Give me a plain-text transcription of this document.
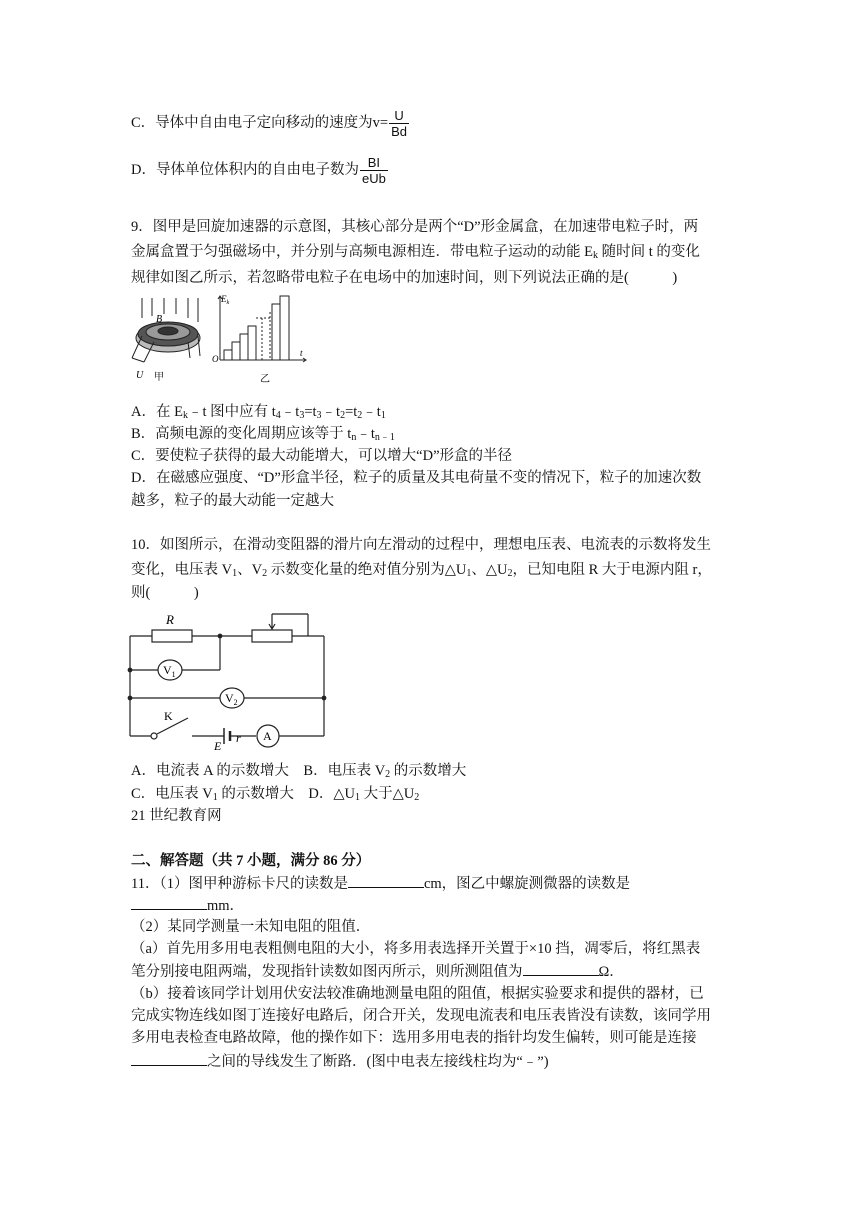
C．导体中自由电子定向移动的速度为$v= \frac{U}{Bd}$
D．导体单位体积内的自由电子数为 $\frac{BI}{\text{eUb}}$
9．图甲是回旋加速器的示意图，其核心部分是两个“D”形金属盒，在加速带电粒子时，两
金属盒置于匀强磁场中，并分别与高频电源相连．带电粒子运动的动能 $E_k$ 随时间 t 的变化
规律如图乙所示，若忽略带电粒子在电场中的加速时间，则下列说法正确的是(　　　)
B
U 甲
$E_k$
t
O
乙
A．在 $E_k﹣t$ 图中应有 $t_4﹣t_3=t_3﹣t_2=t_2﹣t_1$
B．高频电源的变化周期应该等于 $t_n﹣t_{n﹣1}$
C．要使粒子获得的最大动能增大，可以增大“D”形盒的半径
D．在磁感应强度、“D”形盒半径，粒子的质量及其电荷量不变的情况下，粒子的加速次数
越多，粒子的最大动能一定越大
10．如图所示，在滑动变阻器的滑片向左滑动的过程中，理想电压表、电流表的示数将发生
变化，电压表 $V_1$、$V_2$ 示数变化量的绝对值分别为$\triangle U_1$、$\triangle U_2$，已知电阻 R 大于电源内阻 r，
则(　　　)
R
$V_1$
$V_2$
K
E
r A
A．电流表 A 的示数增大　B．电压表 $V_2$ 的示数增大
C．电压表 $V_1$ 的示数增大　D．$\triangle U_1$ 大于$\triangle U_2$
21 世纪教育网
二、解答题（共 7 小题，满分 86 分）
11．（1）图甲种游标卡尺的读数是	cm，图乙中螺旋测微器的读数是
mm．
（2）某同学测量一未知电阻的阻值．
（a）首先用多用电表粗侧电阻的大小，将多用表选择开关置于×10 挡，凋零后，将红黑表
笔分别接电阻两端，发现指针读数如图丙所示，则所测阻值为	Ω．
（b）接着该同学计划用伏安法较准确地测量电阻的阻值，根据实验要求和提供的器材，已
完成实物连线如图丁连接好电路后，闭合开关，发现电流表和电压表皆没有读数，该同学用
多用电表检查电路故障，他的操作如下：选用多用电表的指针均发生偏转，则可能是连接
之间的导线发生了断路．(图中电表左接线柱均为“﹣”)
